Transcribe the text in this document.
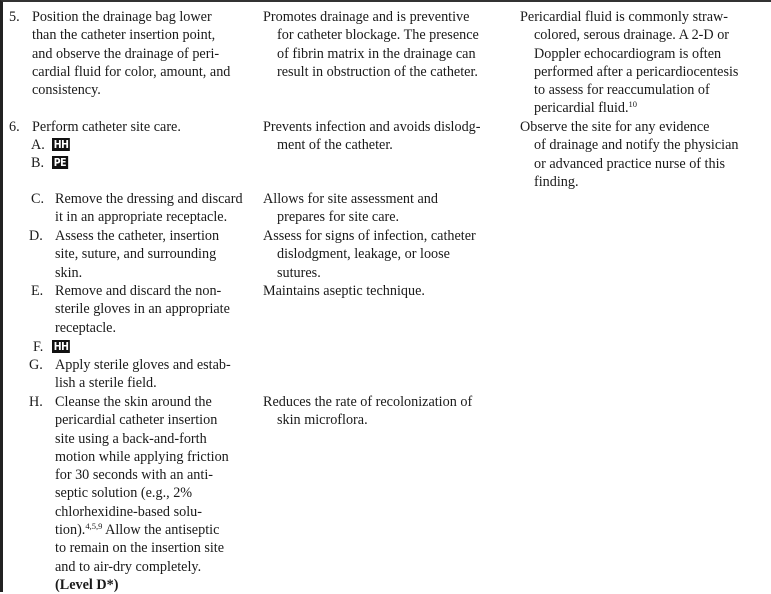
5. Position the drainage bag lower
than the catheter insertion point,
and observe the drainage of peri-
cardial fluid for color, amount, and
consistency.
Promotes drainage and is preventive
for catheter blockage. The presence
of fibrin matrix in the drainage can
result in obstruction of the catheter.
Pericardial fluid is commonly straw-
colored, serous drainage. A 2-D or
Doppler echocardiogram is often
performed after a pericardiocentesis
to assess for reaccumulation of
pericardial fluid.$^{10}$
6. Perform catheter site care.	Prevents infection and avoids dislodg-
ment of the catheter.
Observe the site for any evidence
of drainage and notify the physician
or advanced practice nurse of this
finding.
A. HH
B. PE
C. Remove the dressing and discard
it in an appropriate receptacle.
Allows for site assessment and
prepares for site care.
D. Assess the catheter, insertion
site, suture, and surrounding
skin.
Assess for signs of infection, catheter
dislodgment, leakage, or loose
sutures.
E. Remove and discard the non-
sterile gloves in an appropriate
receptacle.
Maintains aseptic technique.
F. HH
G. Apply sterile gloves and estab-
lish a sterile field.
H. Cleanse the skin around the
pericardial catheter insertion
site using a back-and-forth
motion while applying friction
for 30 seconds with an anti-
septic solution (e.g., 2%
chlorhexidine-based solu-
tion).$^{4,5,9}$ Allow the antiseptic
to remain on the insertion site
and to air-dry completely.
(Level D*)
Reduces the rate of recolonization of
skin microflora.
